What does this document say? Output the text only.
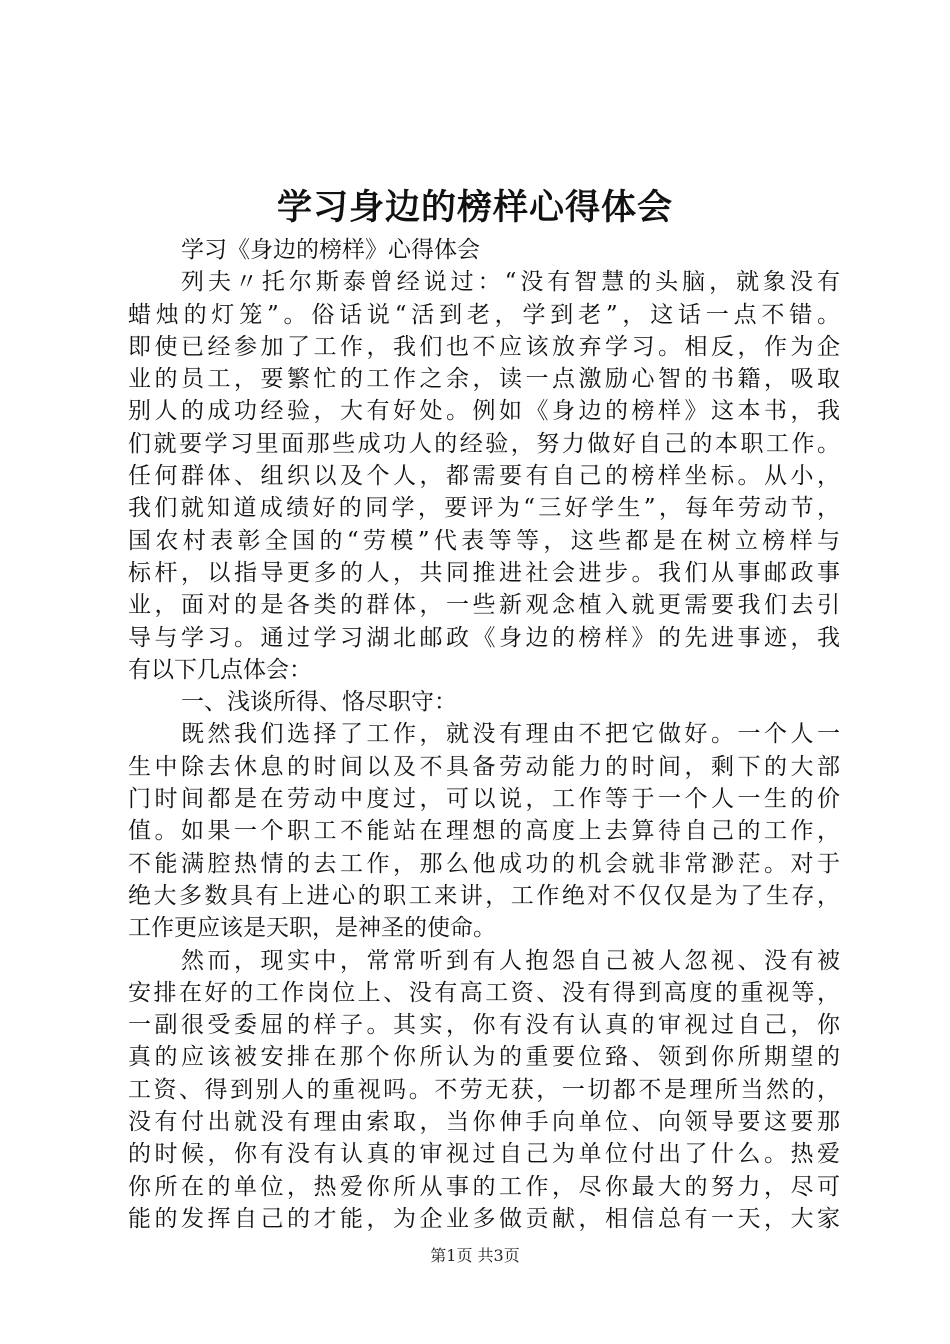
学习身边的榜样心得体会
学习《身边的榜样》心得体会
列夫〃托尔斯泰曾经说过：“没有智慧的头脑，就象没有
蜡烛的灯笼”。俗话说“活到老，学到老”，这话一点不错。
即使已经参加了工作，我们也不应该放弃学习。相反，作为企
业的员工，要繁忙的工作之余，读一点激励心智的书籍，吸取
别人的成功经验，大有好处。例如《身边的榜样》这本书，我
们就要学习里面那些成功人的经验，努力做好自己的本职工作。
任何群体、组织以及个人，都需要有自己的榜样坐标。从小，
我们就知道成绩好的同学，要评为“三好学生”，每年劳动节，
国农村表彰全国的“劳模”代表等等，这些都是在树立榜样与
标杆，以指导更多的人，共同推进社会进步。我们从事邮政事
业，面对的是各类的群体，一些新观念植入就更需要我们去引
导与学习。通过学习湖北邮政《身边的榜样》的先进事迹，我
有以下几点体会：
一、浅谈所得、恪尽职守：
既然我们选择了工作，就没有理由不把它做好。一个人一
生中除去休息的时间以及不具备劳动能力的时间，剩下的大部
门时间都是在劳动中度过，可以说，工作等于一个人一生的价
值。如果一个职工不能站在理想的高度上去算待自己的工作，
不能满腔热情的去工作，那么他成功的机会就非常渺茫。对于
绝大多数具有上进心的职工来讲，工作绝对不仅仅是为了生存，
工作更应该是天职，是神圣的使命。
然而，现实中，常常听到有人抱怨自己被人忽视、没有被
安排在好的工作岗位上、没有高工资、没有得到高度的重视等，
一副很受委屈的样子。其实，你有没有认真的审视过自己，你
真的应该被安排在那个你所认为的重要位臵、领到你所期望的
工资、得到别人的重视吗。不劳无获，一切都不是理所当然的，
没有付出就没有理由索取，当你伸手向单位、向领导要这要那
的时候，你有没有认真的审视过自己为单位付出了什么。热爱
你所在的单位，热爱你所从事的工作，尽你最大的努力，尽可
能的发挥自己的才能，为企业多做贡献，相信总有一天，大家
第1页 共3页
